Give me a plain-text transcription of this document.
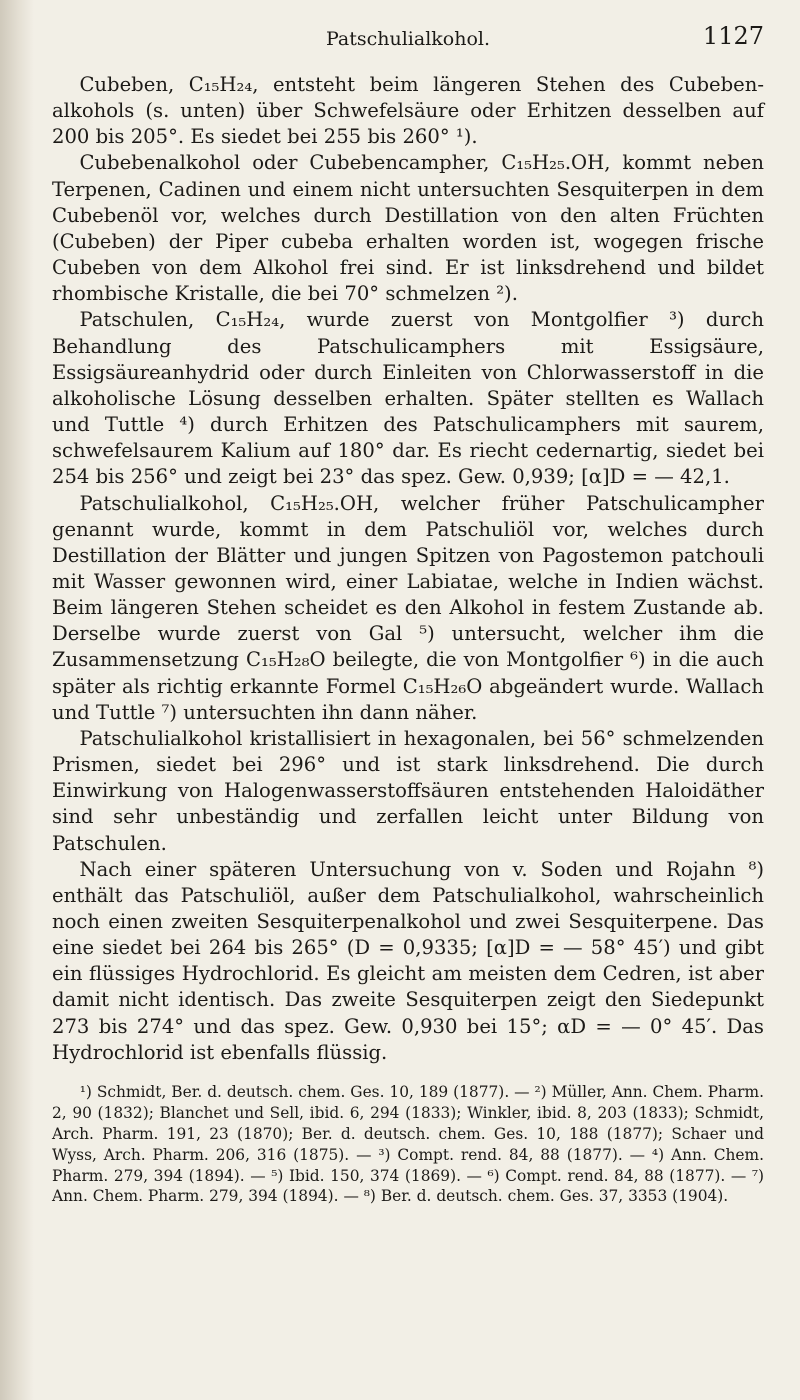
Patschulialkohol.	1127

Cubeben, C₁₅H₂₄, entsteht beim längeren Stehen des Cubeben-alkohols (s. unten) über Schwefelsäure oder Erhitzen desselben auf 200 bis 205°. Es siedet bei 255 bis 260° ¹).

Cubebenalkohol oder Cubebencampher, C₁₅H₂₅.OH, kommt neben Terpenen, Cadinen und einem nicht untersuchten Sesquiterpen in dem Cubebenöl vor, welches durch Destillation von den alten Früchten (Cubeben) der Piper cubeba erhalten worden ist, wogegen frische Cubeben von dem Alkohol frei sind. Er ist linksdrehend und bildet rhombische Kristalle, die bei 70° schmelzen ²).

Patschulen, C₁₅H₂₄, wurde zuerst von Montgolfier ³) durch Behandlung des Patschulicamphers mit Essigsäure, Essigsäureanhydrid oder durch Einleiten von Chlorwasserstoff in die alkoholische Lösung desselben erhalten. Später stellten es Wallach und Tuttle ⁴) durch Erhitzen des Patschulicamphers mit saurem, schwefelsaurem Kalium auf 180° dar. Es riecht cedernartig, siedet bei 254 bis 256° und zeigt bei 23° das spez. Gew. 0,939; [α]D = — 42,1.

Patschulialkohol, C₁₅H₂₅.OH, welcher früher Patschulicampher genannt wurde, kommt in dem Patschuliöl vor, welches durch Destillation der Blätter und jungen Spitzen von Pagostemon patchouli mit Wasser gewonnen wird, einer Labiatae, welche in Indien wächst. Beim längeren Stehen scheidet es den Alkohol in festem Zustande ab. Derselbe wurde zuerst von Gal ⁵) untersucht, welcher ihm die Zusammensetzung C₁₅H₂₈O beilegte, die von Montgolfier ⁶) in die auch später als richtig erkannte Formel C₁₅H₂₆O abgeändert wurde. Wallach und Tuttle ⁷) untersuchten ihn dann näher.

Patschulialkohol kristallisiert in hexagonalen, bei 56° schmelzenden Prismen, siedet bei 296° und ist stark linksdrehend. Die durch Einwirkung von Halogenwasserstoffsäuren entstehenden Haloidäther sind sehr unbeständig und zerfallen leicht unter Bildung von Patschulen.

Nach einer späteren Untersuchung von v. Soden und Rojahn ⁸) enthält das Patschuliöl, außer dem Patschulialkohol, wahrscheinlich noch einen zweiten Sesquiterpenalkohol und zwei Sesquiterpene. Das eine siedet bei 264 bis 265° (D = 0,9335; [α]D = — 58° 45′) und gibt ein flüssiges Hydrochlorid. Es gleicht am meisten dem Cedren, ist aber damit nicht identisch. Das zweite Sesquiterpen zeigt den Siedepunkt 273 bis 274° und das spez. Gew. 0,930 bei 15°; αD = — 0° 45′. Das Hydrochlorid ist ebenfalls flüssig.

¹) Schmidt, Ber. d. deutsch. chem. Ges. 10, 189 (1877). — ²) Müller, Ann. Chem. Pharm. 2, 90 (1832); Blanchet und Sell, ibid. 6, 294 (1833); Winkler, ibid. 8, 203 (1833); Schmidt, Arch. Pharm. 191, 23 (1870); Ber. d. deutsch. chem. Ges. 10, 188 (1877); Schaer und Wyss, Arch. Pharm. 206, 316 (1875). — ³) Compt. rend. 84, 88 (1877). — ⁴) Ann. Chem. Pharm. 279, 394 (1894). — ⁵) Ibid. 150, 374 (1869). — ⁶) Compt. rend. 84, 88 (1877). — ⁷) Ann. Chem. Pharm. 279, 394 (1894). — ⁸) Ber. d. deutsch. chem. Ges. 37, 3353 (1904).
